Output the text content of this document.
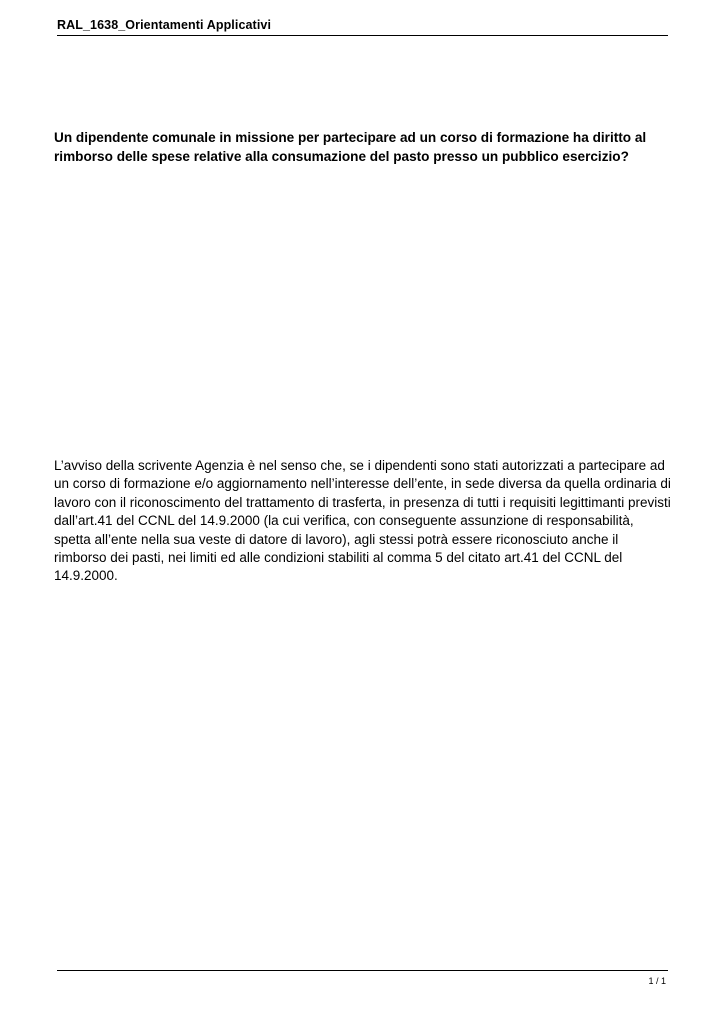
RAL_1638_Orientamenti Applicativi

Un dipendente comunale in missione per partecipare ad un corso di formazione ha diritto al rimborso delle spese relative alla consumazione del pasto presso un pubblico esercizio?

L’avviso della scrivente Agenzia è nel senso che, se i dipendenti sono stati autorizzati a partecipare ad un corso di formazione e/o aggiornamento nell’interesse dell’ente, in sede diversa da quella ordinaria di lavoro con il riconoscimento del trattamento di trasferta, in presenza di tutti i requisiti legittimanti previsti dall’art.41 del CCNL del 14.9.2000 (la cui verifica, con conseguente assunzione di responsabilità, spetta all’ente nella sua veste di datore di lavoro), agli stessi potrà essere riconosciuto anche il rimborso dei pasti, nei limiti ed alle condizioni stabiliti al comma 5 del citato art.41 del CCNL del 14.9.2000.

1 / 1
